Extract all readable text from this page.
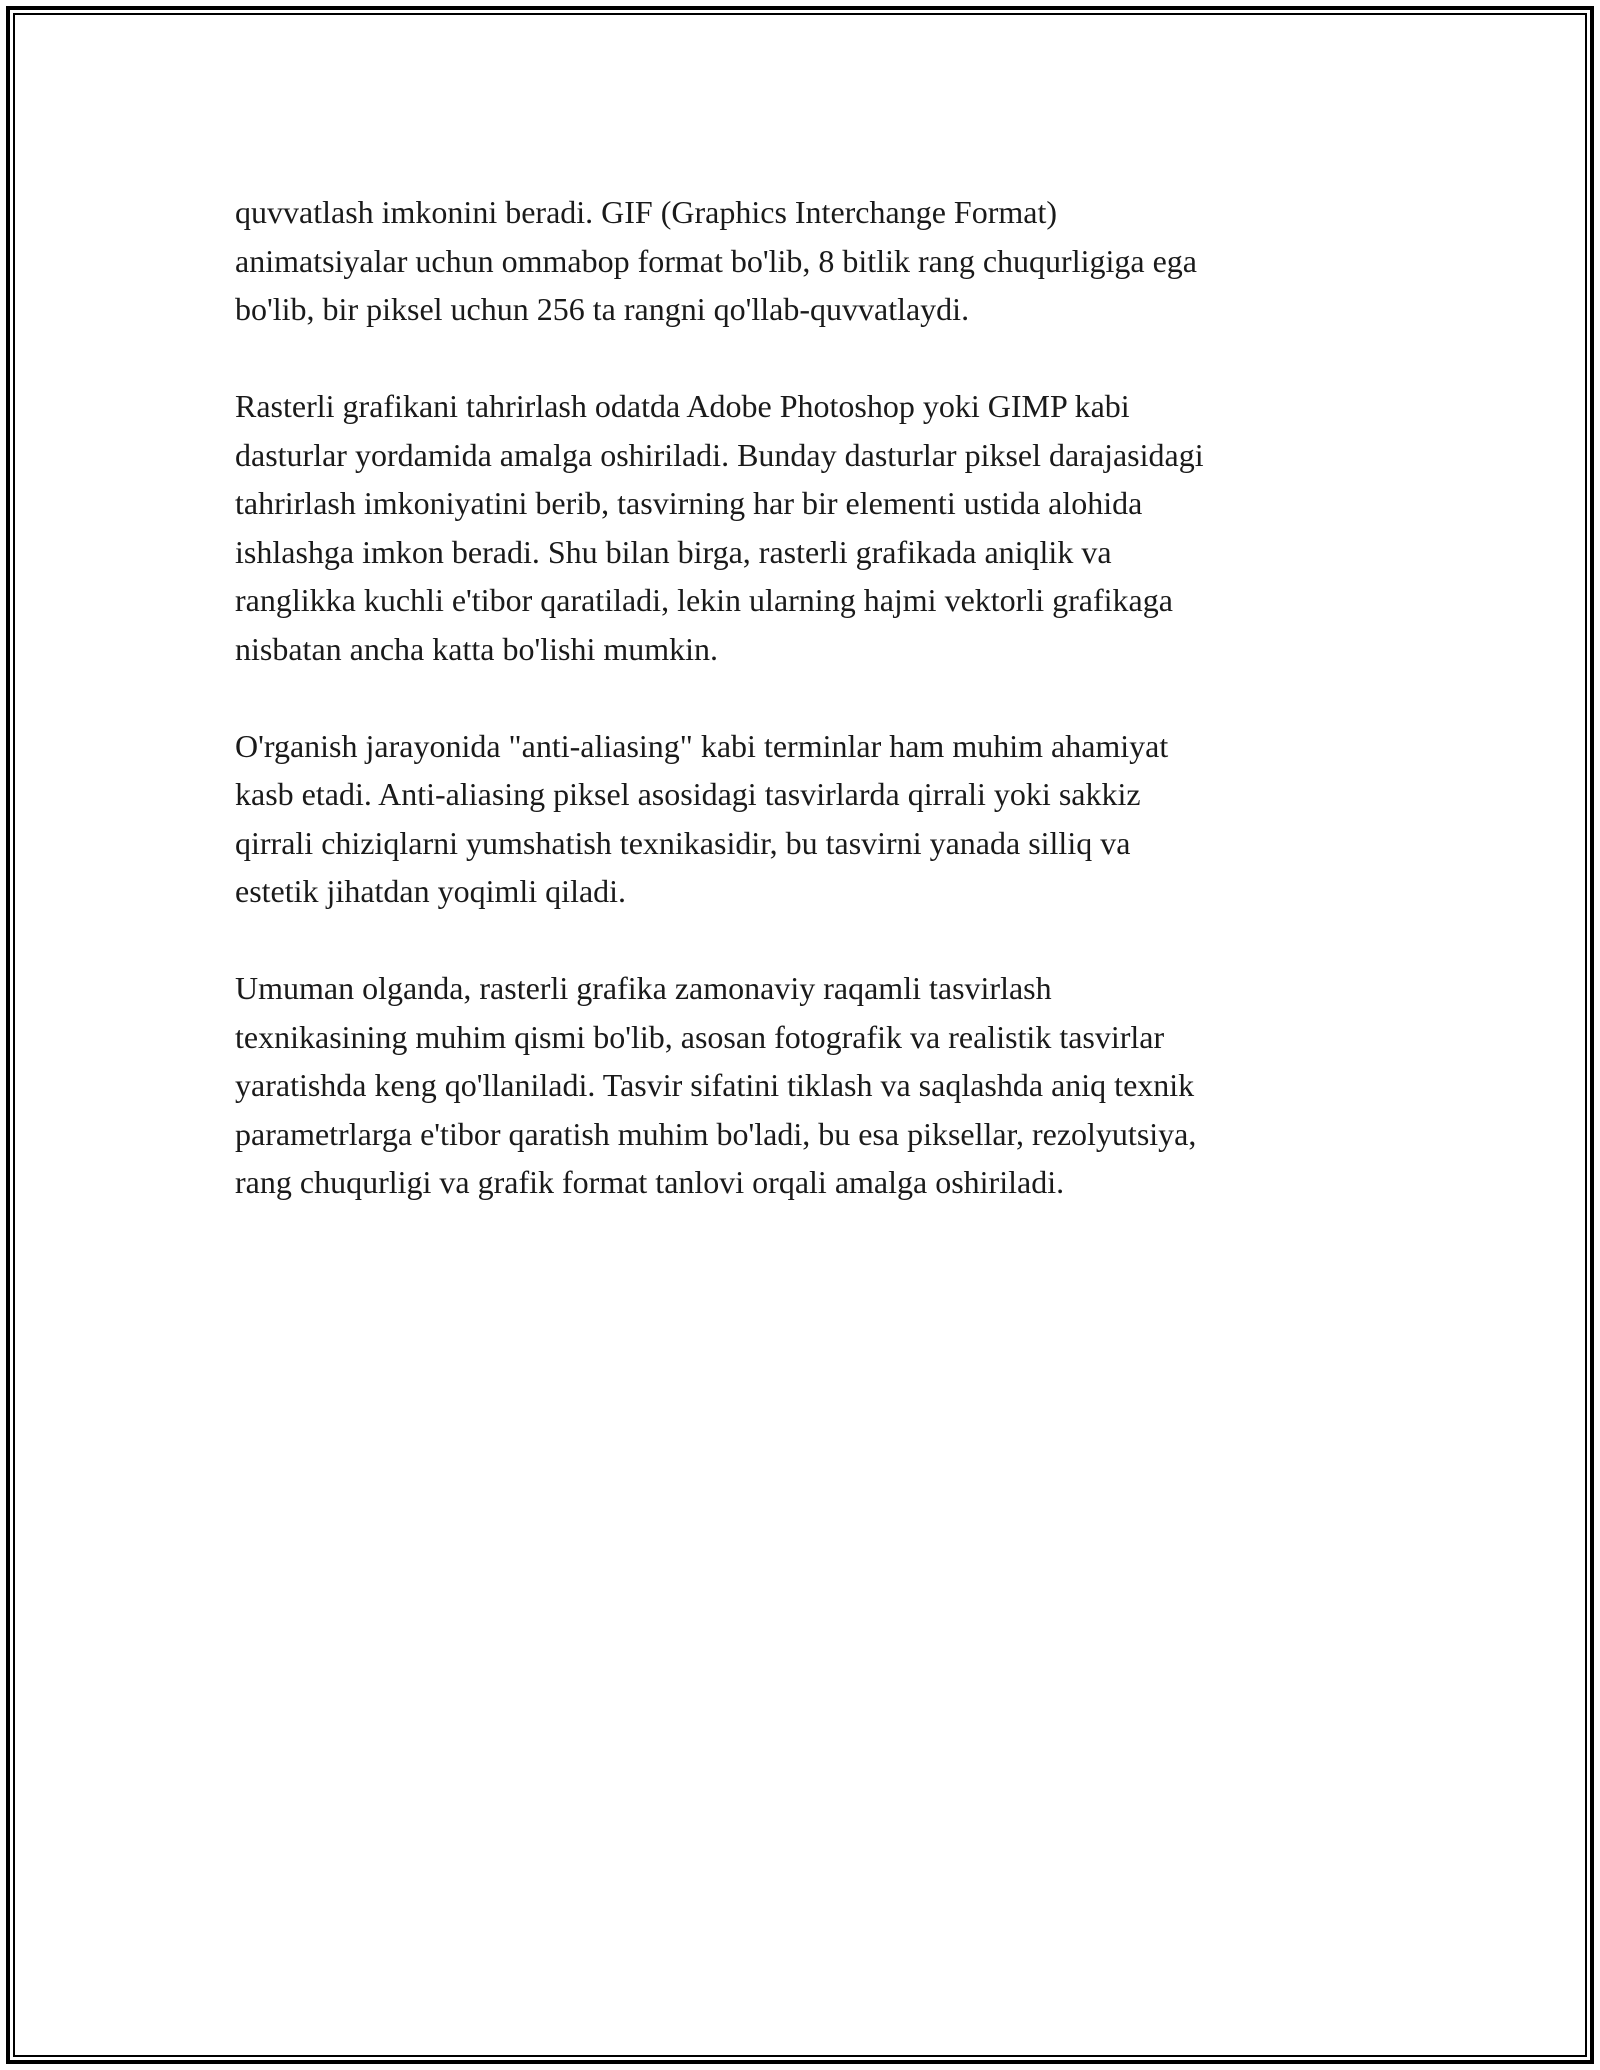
quvvatlash imkonini beradi. GIF (Graphics Interchange Format)
animatsiyalar uchun ommabop format bo'lib, 8 bitlik rang chuqurligiga ega
bo'lib, bir piksel uchun 256 ta rangni qo'llab-quvvatlaydi.

Rasterli grafikani tahrirlash odatda Adobe Photoshop yoki GIMP kabi
dasturlar yordamida amalga oshiriladi. Bunday dasturlar piksel darajasidagi
tahrirlash imkoniyatini berib, tasvirning har bir elementi ustida alohida
ishlashga imkon beradi. Shu bilan birga, rasterli grafikada aniqlik va
ranglikka kuchli e'tibor qaratiladi, lekin ularning hajmi vektorli grafikaga
nisbatan ancha katta bo'lishi mumkin.

O'rganish jarayonida "anti-aliasing" kabi terminlar ham muhim ahamiyat
kasb etadi. Anti-aliasing piksel asosidagi tasvirlarda qirrali yoki sakkiz
qirrali chiziqlarni yumshatish texnikasidir, bu tasvirni yanada silliq va
estetik jihatdan yoqimli qiladi.

Umuman olganda, rasterli grafika zamonaviy raqamli tasvirlash
texnikasining muhim qismi bo'lib, asosan fotografik va realistik tasvirlar
yaratishda keng qo'llaniladi. Tasvir sifatini tiklash va saqlashda aniq texnik
parametrlarga e'tibor qaratish muhim bo'ladi, bu esa piksellar, rezolyutsiya,
rang chuqurligi va grafik format tanlovi orqali amalga oshiriladi.
